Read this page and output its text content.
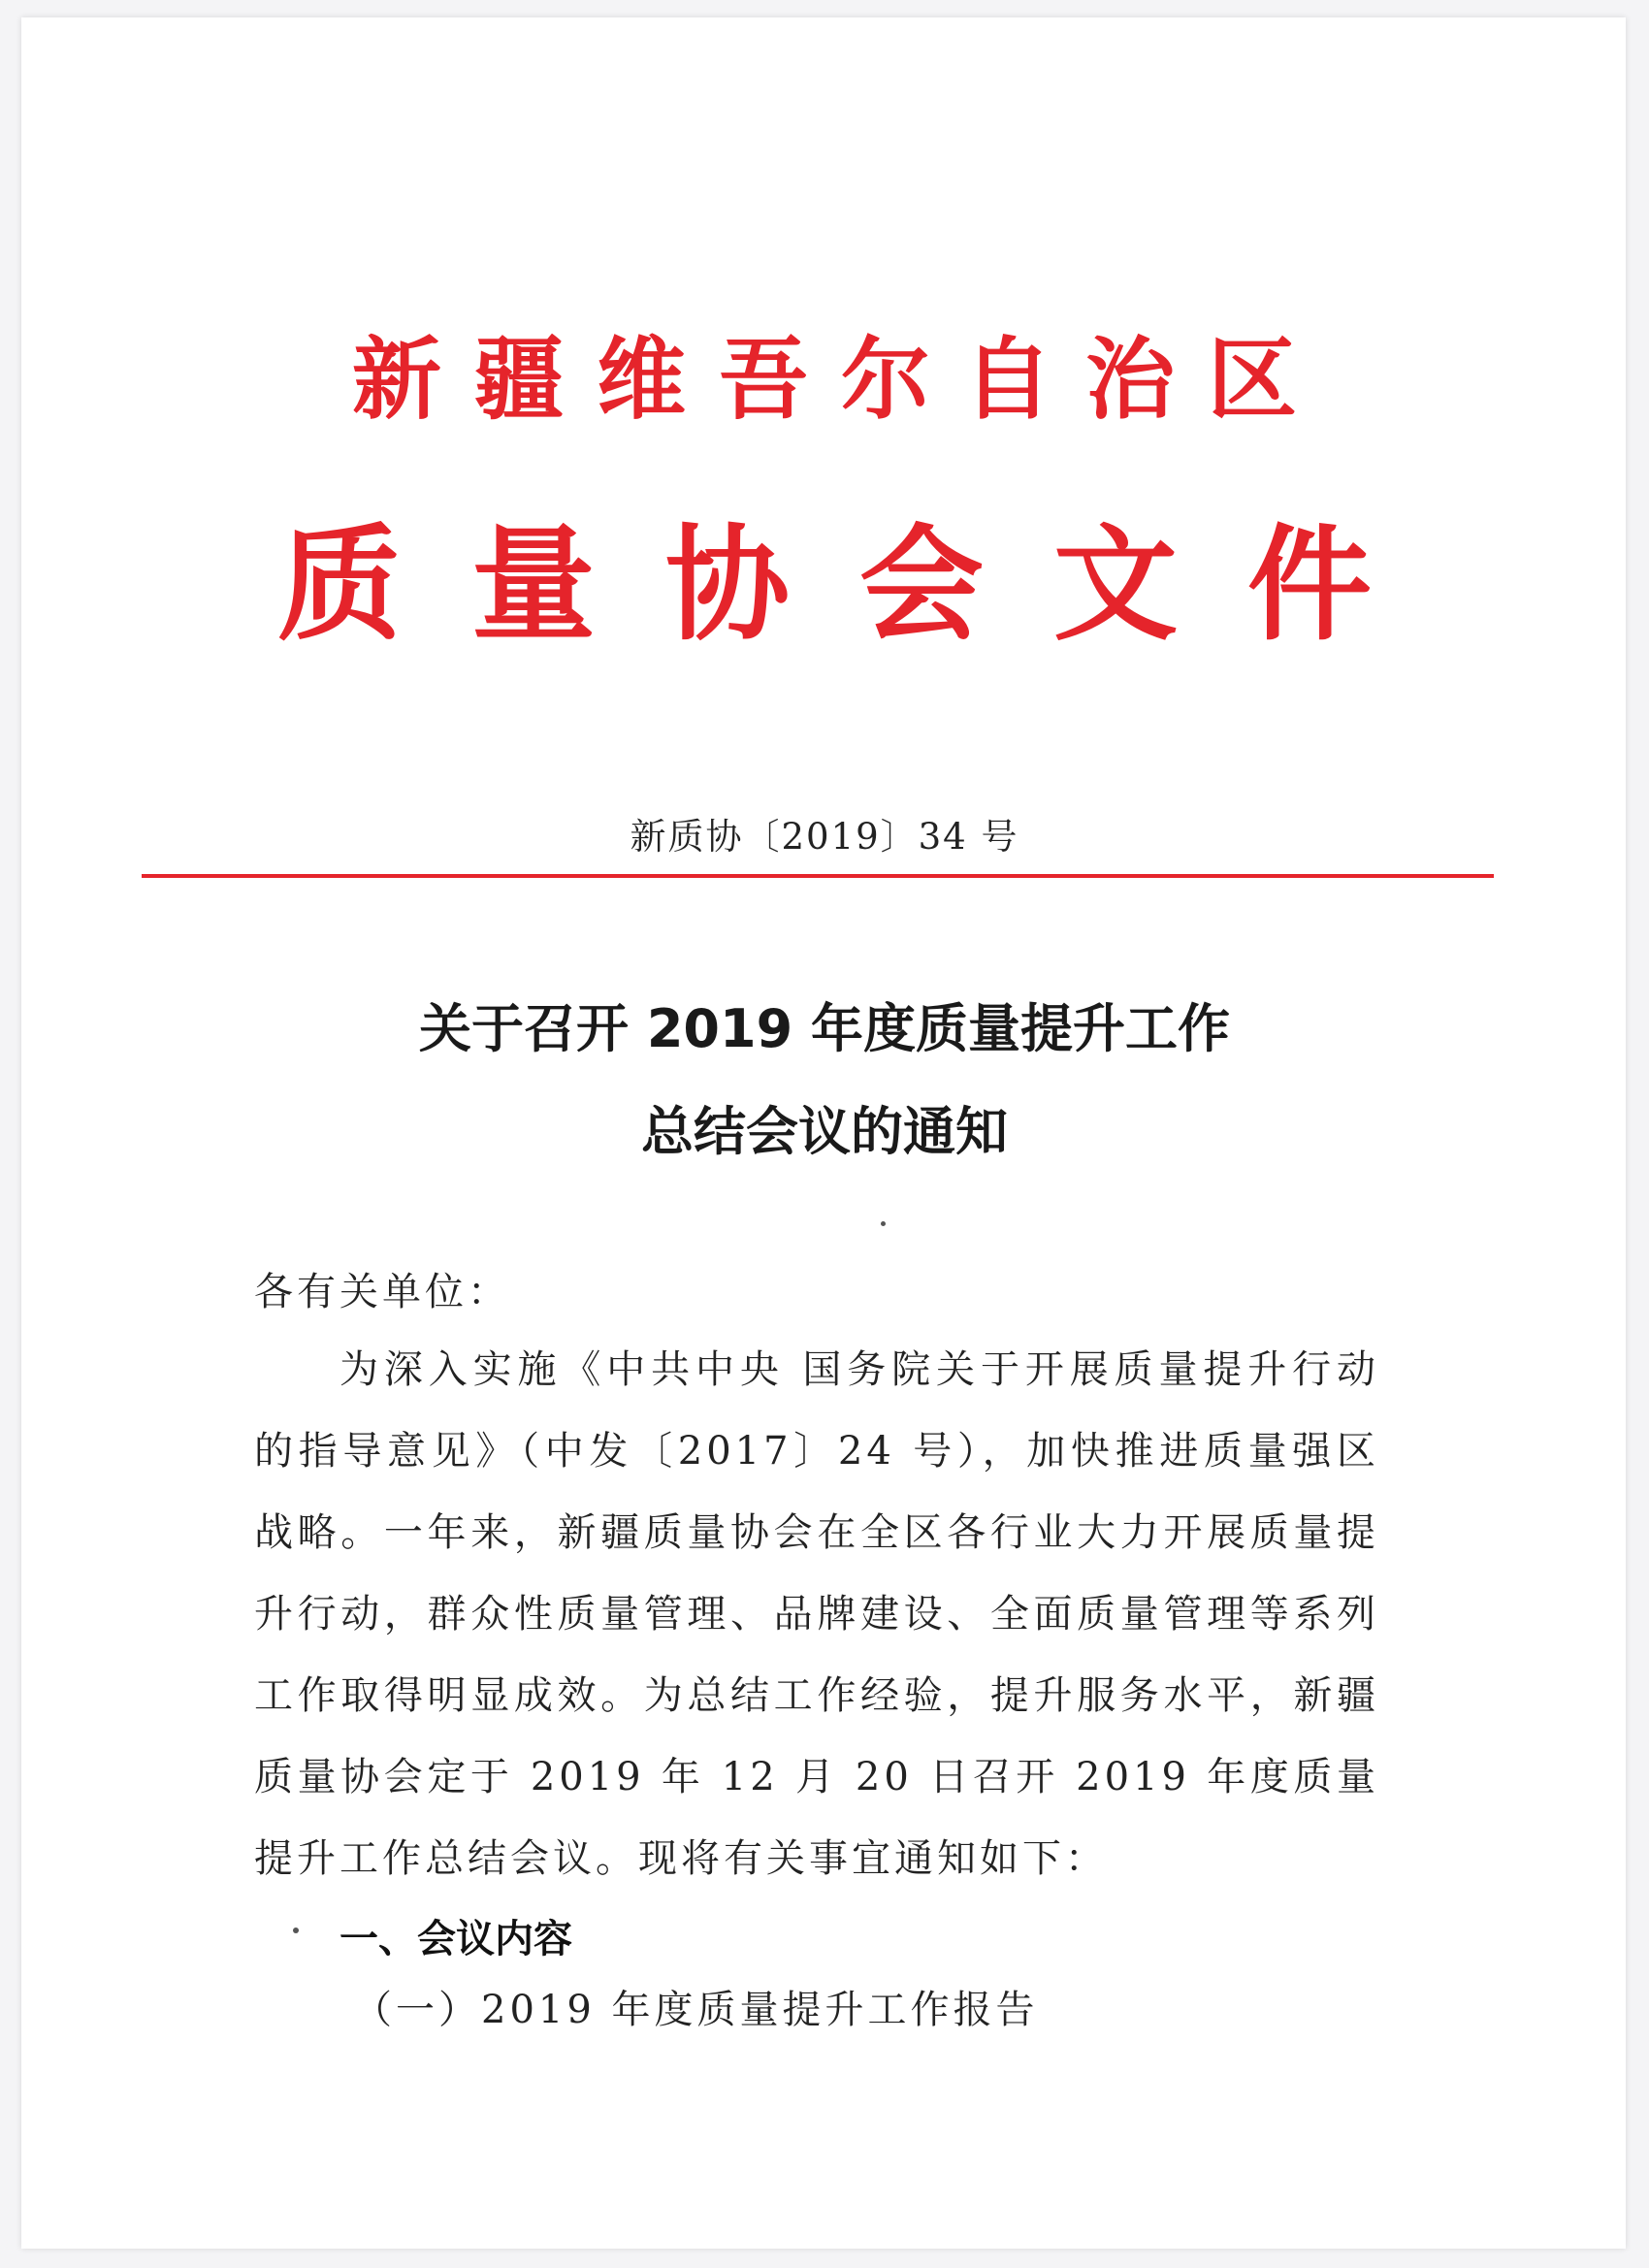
新疆维吾尔自治区
质量协会文件
新质协〔2019〕34 号
关于召开 2019 年度质量提升工作
总结会议的通知
各有关单位：

为深入实施《中共中央 国务院关于开展质量提升行动的指导意见》（中发〔2017〕24 号），加快推进质量强区战略。一年来，新疆质量协会在全区各行业大力开展质量提升行动，群众性质量管理、品牌建设、全面质量管理等系列工作取得明显成效。为总结工作经验，提升服务水平，新疆质量协会定于 2019 年 12 月 20 日召开 2019 年度质量提升工作总结会议。现将有关事宜通知如下：

一、会议内容
（一）2019 年度质量提升工作报告
